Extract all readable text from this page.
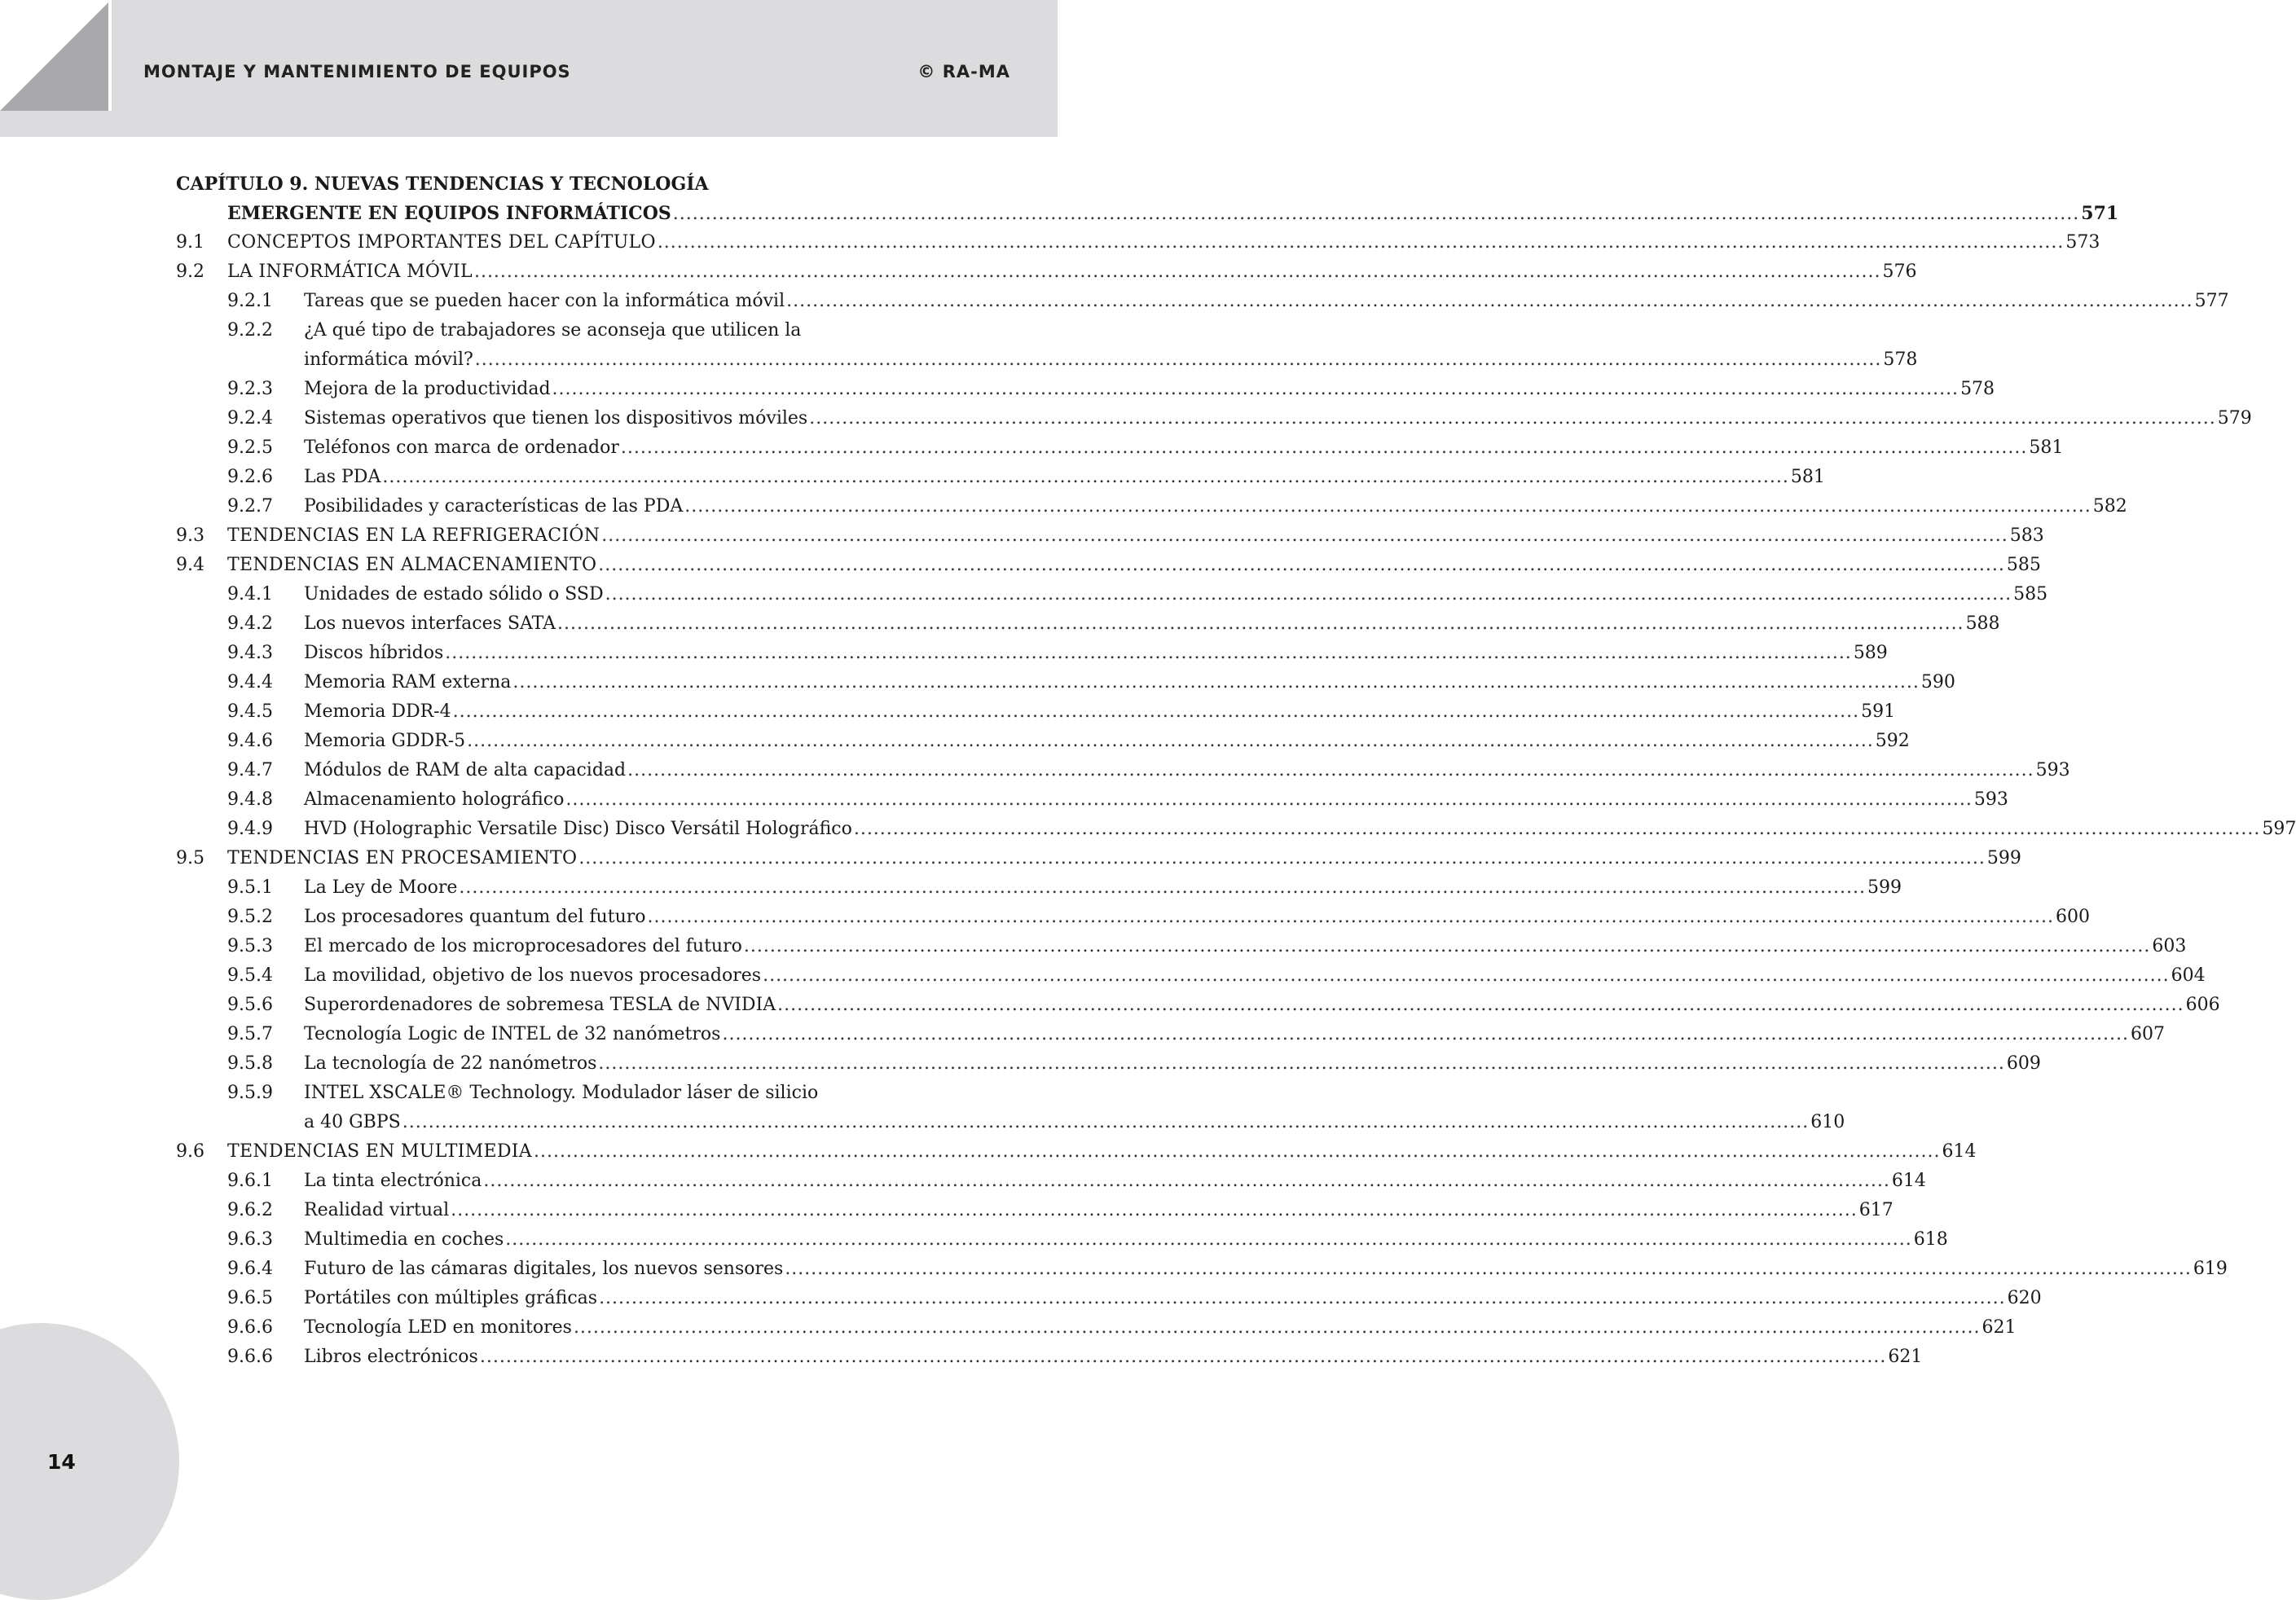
MONTAJE Y MANTENIMIENTO DE EQUIPOS	© RA-MA
14
CAPÍTULO 9. NUEVAS TENDENCIAS Y TECNOLOGÍA
EMERGENTE EN EQUIPOS INFORMÁTICOS .....	571
9.1 CONCEPTOS IMPORTANTES DEL CAPÍTULO .....	573
9.2 LA INFORMÁTICA MÓVIL .....	576
9.2.1 Tareas que se pueden hacer con la informática móvil .....	577
9.2.2 ¿A qué tipo de trabajadores se aconseja que utilicen la
informática móvil? .....	578
9.2.3 Mejora de la productividad .....	578
9.2.4 Sistemas operativos que tienen los dispositivos móviles .....	579
9.2.5 Teléfonos con marca de ordenador .....	581
9.2.6 Las PDA .....	581
9.2.7 Posibilidades y características de las PDA .....	582
9.3 TENDENCIAS EN LA REFRIGERACIÓN .....	583
9.4 TENDENCIAS EN ALMACENAMIENTO .....	585
9.4.1 Unidades de estado sólido o SSD .....	585
9.4.2 Los nuevos interfaces SATA .....	588
9.4.3 Discos híbridos .....	589
9.4.4 Memoria RAM externa .....	590
9.4.5 Memoria DDR-4 .....	591
9.4.6 Memoria GDDR-5 .....	592
9.4.7 Módulos de RAM de alta capacidad .....	593
9.4.8 Almacenamiento holográfico .....	593
9.4.9 HVD (Holographic Versatile Disc) Disco Versátil Holográfico .....	597
9.5 TENDENCIAS EN PROCESAMIENTO .....	599
9.5.1 La Ley de Moore .....	599
9.5.2 Los procesadores quantum del futuro .....	600
9.5.3 El mercado de los microprocesadores del futuro .....	603
9.5.4 La movilidad, objetivo de los nuevos procesadores .....	604
9.5.6 Superordenadores de sobremesa TESLA de NVIDIA .....	606
9.5.7 Tecnología Logic de INTEL de 32 nanómetros .....	607
9.5.8 La tecnología de 22 nanómetros .....	609
9.5.9 INTEL XSCALE® Technology. Modulador láser de silicio
a 40 GBPS .....	610
9.6 TENDENCIAS EN MULTIMEDIA .....	614
9.6.1 La tinta electrónica .....	614
9.6.2 Realidad virtual .....	617
9.6.3 Multimedia en coches .....	618
9.6.4 Futuro de las cámaras digitales, los nuevos sensores .....	619
9.6.5 Portátiles con múltiples gráficas .....	620
9.6.6 Tecnología LED en monitores .....	621
9.6.6 Libros electrónicos .....	621
